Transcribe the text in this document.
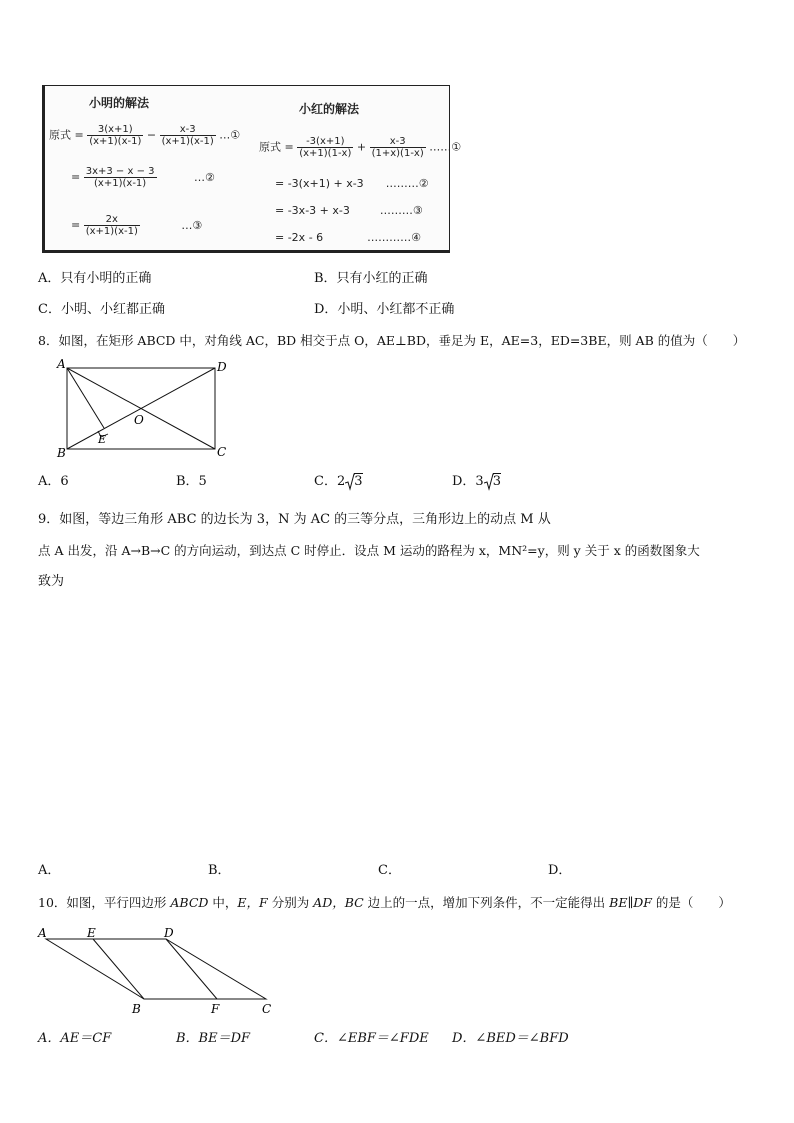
小明的解法
原式 = $\frac{3(x+1)}{(x+1)(x-1)} - \frac{x-3}{(x+1)(x-1)}$ …①
= $\frac{3x+3 - x - 3}{(x+1)(x-1)}$	…②
= $\frac{2x}{(x+1)(x-1)}$	…③
小红的解法
原式 = $\frac{-3(x+1)}{(x+1)(1-x)} + \frac{x-3}{(1+x)(1-x)}$ ……①
= -3(x+1) + x-3 ………②
= -3x-3 + x-3	………③
= -2x - 6	…………④
A．只有小明的正确	B．只有小红的正确
C．小明、小红都正确	D．小明、小红都不正确
8．如图，在矩形 ABCD 中，对角线 AC，BD 相交于点 O，AE⊥BD，垂足为 E，AE=3，ED=3BE，则 AB 的值为（　　）
A	D
B	C
O
E
A．6	B．5	C．2 3	D．3 3
9．如图，等边三角形 ABC 的边长为 3，N 为 AC 的三等分点，三角形边上的动点 M 从
点 A 出发，沿 A→B→C 的方向运动，到达点 C 时停止．设点 M 运动的路程为 x，MN²=y，则 y 关于 x 的函数图象大
致为
A．	B．	C．	D．
10．如图，平行四边形 ABCD 中，E，F 分别为 AD，BC 边上的一点，增加下列条件，不一定能得出 BE∥DF 的是（　　）
A	E	D
B	F	C
A．AE＝CF	B．BE＝DF	C．∠EBF＝∠FDE D．∠BED＝∠BFD
